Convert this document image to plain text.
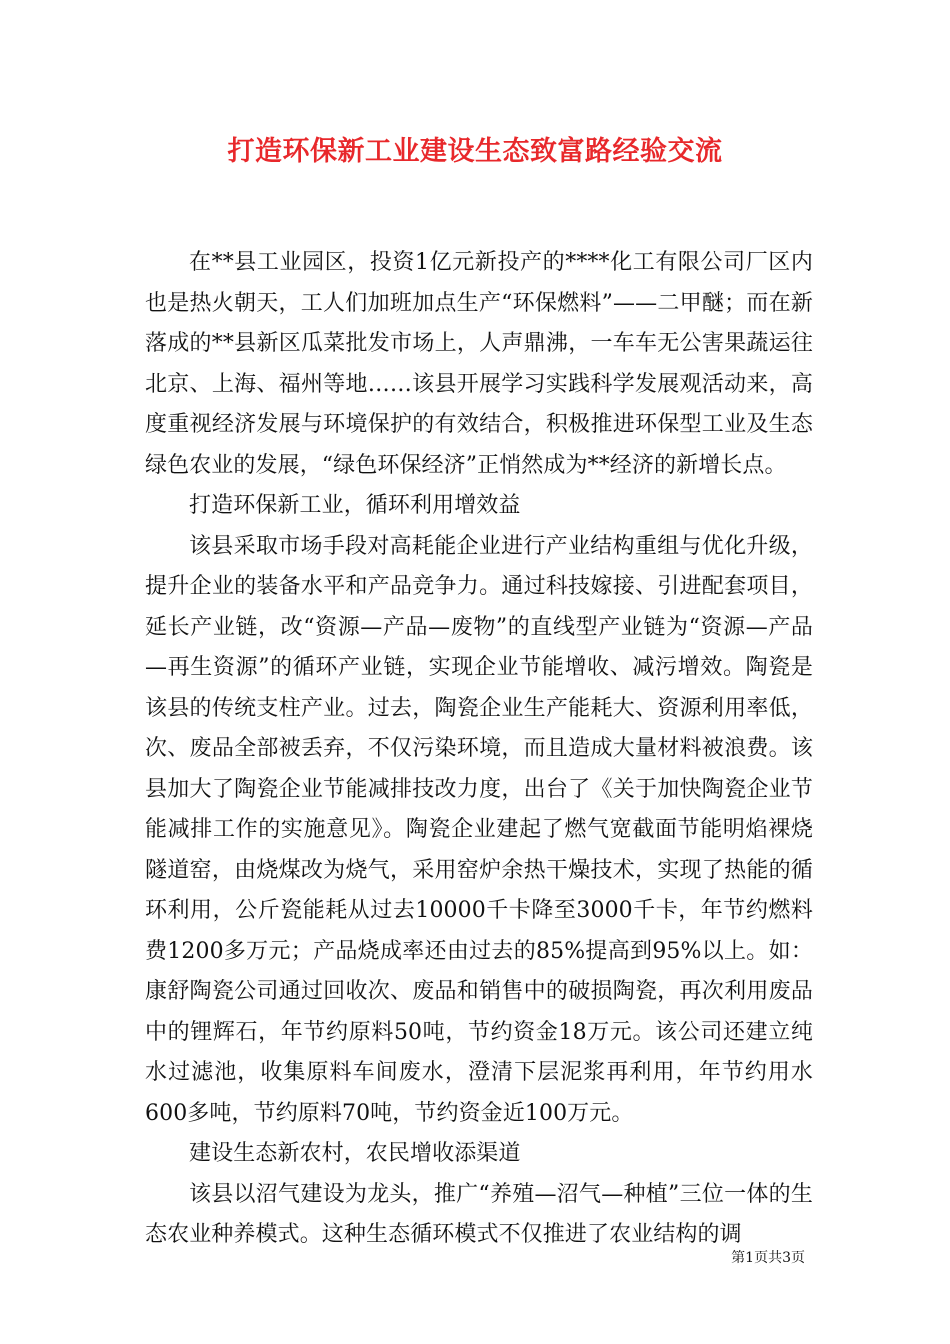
打造环保新工业建设生态致富路经验交流

在**县工业园区，投资1亿元新投产的****化工有限公司厂区内也是热火朝天，工人们加班加点生产“环保燃料”——二甲醚；而在新落成的**县新区瓜菜批发市场上，人声鼎沸，一车车无公害果蔬运往北京、上海、福州等地……该县开展学习实践科学发展观活动来，高度重视经济发展与环境保护的有效结合，积极推进环保型工业及生态绿色农业的发展，“绿色环保经济”正悄然成为**经济的新增长点。

打造环保新工业，循环利用增效益

该县采取市场手段对高耗能企业进行产业结构重组与优化升级，提升企业的装备水平和产品竞争力。通过科技嫁接、引进配套项目，延长产业链，改“资源—产品—废物”的直线型产业链为“资源—产品—再生资源”的循环产业链，实现企业节能增收、减污增效。陶瓷是该县的传统支柱产业。过去，陶瓷企业生产能耗大、资源利用率低，次、废品全部被丢弃，不仅污染环境，而且造成大量材料被浪费。该县加大了陶瓷企业节能减排技改力度，出台了《关于加快陶瓷企业节能减排工作的实施意见》。陶瓷企业建起了燃气宽截面节能明焰裸烧隧道窑，由烧煤改为烧气，采用窑炉余热干燥技术，实现了热能的循环利用，公斤瓷能耗从过去10000千卡降至3000千卡，年节约燃料费1200多万元；产品烧成率还由过去的85%提高到95%以上。如：康舒陶瓷公司通过回收次、废品和销售中的破损陶瓷，再次利用废品中的锂辉石，年节约原料50吨，节约资金18万元。该公司还建立纯水过滤池，收集原料车间废水，澄清下层泥浆再利用，年节约用水600多吨，节约原料70吨，节约资金近100万元。

建设生态新农村，农民增收添渠道

该县以沼气建设为龙头，推广“养殖—沼气—种植”三位一体的生态农业种养模式。这种生态循环模式不仅推进了农业结构的调

第1页共3页
